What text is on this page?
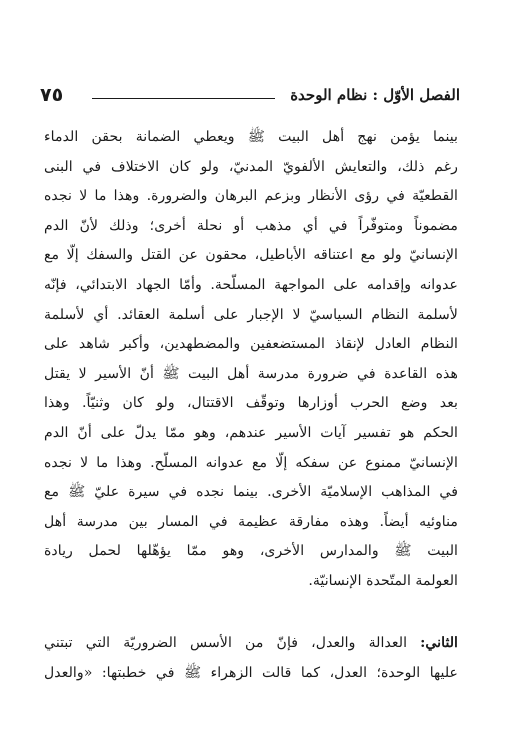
الفصل الأوّل : نظام الوحدة
٧٥
بينما يؤمن نهج أهل البيت ﷺ ويعطي الضمانة بحقن الدماء
رغم ذلك، والتعايش الألفويّ المدنيّ، ولو كان الاختلاف في البنى
القطعيّة في رؤى الأنظار وبزعم البرهان والضرورة. وهذا ما لا نجده
مضموناً ومتوفّراً في أي مذهب أو نحلة أخرى؛ وذلك لأنّ الدم
الإنسانيّ ولو مع اعتناقه الأباطيل، محقون عن القتل والسفك إلّا مع
عدوانه وإقدامه على المواجهة المسلّحة. وأمّا الجهاد الابتدائي، فإنّه
لأسلمة النظام السياسيّ لا الإجبار على أسلمة العقائد. أي لأسلمة
النظام العادل لإنقاذ المستضعفين والمضطهدين، وأكبر شاهد على
هذه القاعدة في ضرورة مدرسة أهل البيت ﷺ أنّ الأسير لا يقتل
بعد وضع الحرب أوزارها وتوقّف الاقتتال، ولو كان وثنيّاً. وهذا
الحكم هو تفسير آيات الأسير عندهم، وهو ممّا يدلّ على أنّ الدم
الإنسانيّ ممنوع عن سفكه إلّا مع عدوانه المسلّح. وهذا ما لا نجده
في المذاهب الإسلاميّة الأخرى. بينما نجده في سيرة عليّ ﷺ مع
مناوئيه أيضاً. وهذه مفارقة عظيمة في المسار بين مدرسة أهل
البيت ﷺ والمدارس الأخرى، وهو ممّا يؤهّلها لحمل ريادة
العولمة المتّحدة الإنسانيّة.
الثاني: العدالة والعدل، فإنّ من الأسس الضروريّة التي تبتني
عليها الوحدة؛ العدل، كما قالت الزهراء ﷺ في خطبتها: «والعدل
